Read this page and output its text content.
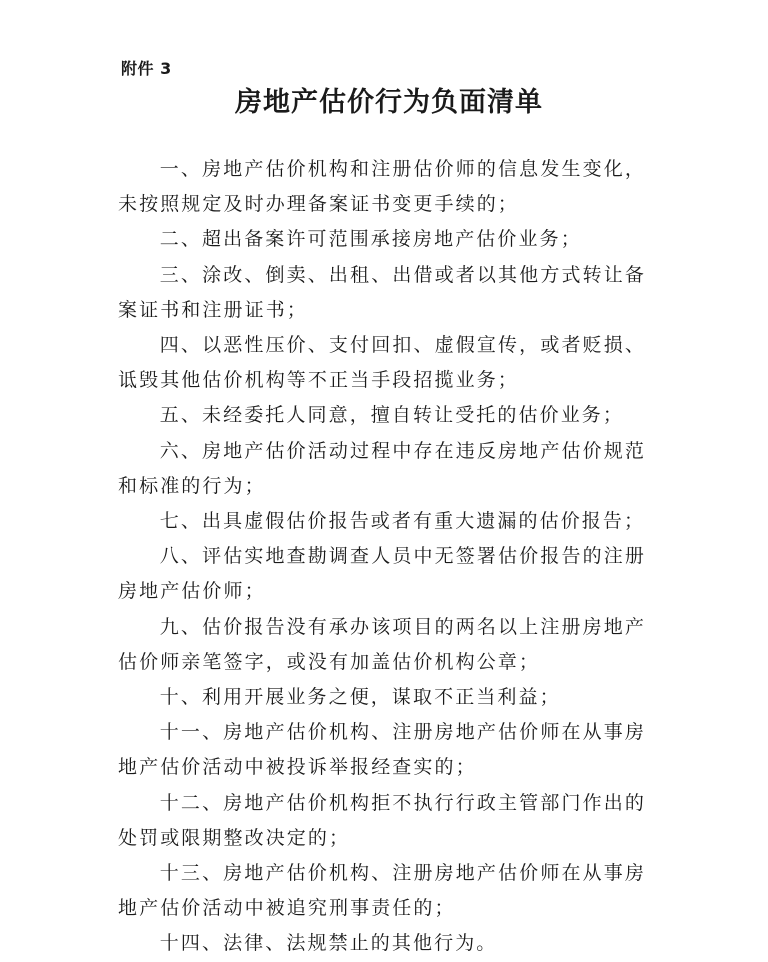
附件 3
房地产估价行为负面清单

一、房地产估价机构和注册估价师的信息发生变化，未按照规定及时办理备案证书变更手续的；

二、超出备案许可范围承接房地产估价业务；

三、涂改、倒卖、出租、出借或者以其他方式转让备案证书和注册证书；

四、以恶性压价、支付回扣、虚假宣传，或者贬损、诋毁其他估价机构等不正当手段招揽业务；

五、未经委托人同意，擅自转让受托的估价业务；

六、房地产估价活动过程中存在违反房地产估价规范和标准的行为；

七、出具虚假估价报告或者有重大遗漏的估价报告；

八、评估实地查勘调查人员中无签署估价报告的注册房地产估价师；

九、估价报告没有承办该项目的两名以上注册房地产估价师亲笔签字，或没有加盖估价机构公章；

十、利用开展业务之便，谋取不正当利益；

十一、房地产估价机构、注册房地产估价师在从事房地产估价活动中被投诉举报经查实的；

十二、房地产估价机构拒不执行行政主管部门作出的处罚或限期整改决定的；

十三、房地产估价机构、注册房地产估价师在从事房地产估价活动中被追究刑事责任的；

十四、法律、法规禁止的其他行为。
